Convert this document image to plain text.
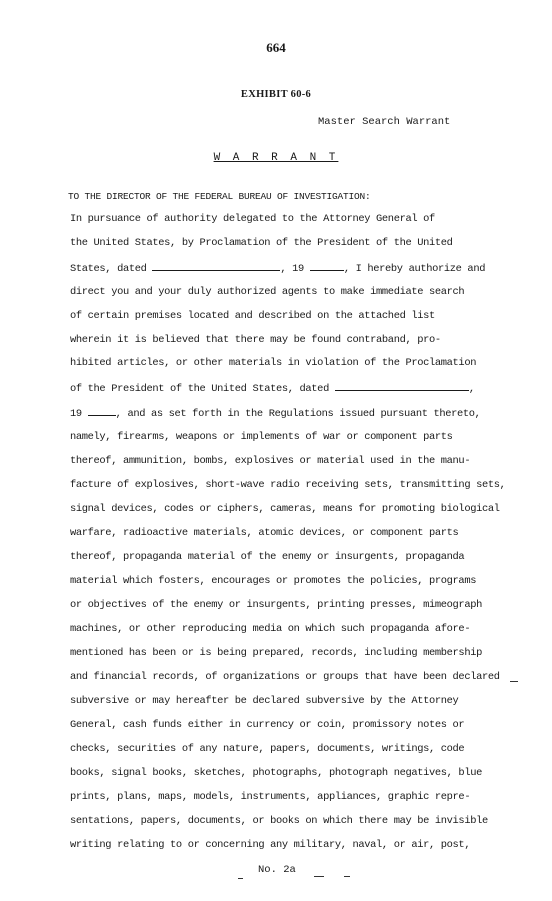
664
EXHIBIT 60-6
Master Search Warrant
W A R R A N T
TO THE DIRECTOR OF THE FEDERAL BUREAU OF INVESTIGATION:
In pursuance of authority delegated to the Attorney General of
the United States, by Proclamation of the President of the United
States, dated	, 19	, I hereby authorize and
direct you and your duly authorized agents to make immediate search
of certain premises located and described on the attached list
wherein it is believed that there may be found contraband, pro-
hibited articles, or other materials in violation of the Proclamation
of the President of the United States, dated	,
19	, and as set forth in the Regulations issued pursuant thereto,
namely, firearms, weapons or implements of war or component parts
thereof, ammunition, bombs, explosives or material used in the manu-
facture of explosives, short-wave radio receiving sets, transmitting sets,
signal devices, codes or ciphers, cameras, means for promoting biological
warfare, radioactive materials, atomic devices, or component parts
thereof, propaganda material of the enemy or insurgents, propaganda
material which fosters, encourages or promotes the policies, programs
or objectives of the enemy or insurgents, printing presses, mimeograph
machines, or other reproducing media on which such propaganda afore-
mentioned has been or is being prepared, records, including membership
and financial records, of organizations or groups that have been declared
subversive or may hereafter be declared subversive by the Attorney
General, cash funds either in currency or coin, promissory notes or
checks, securities of any nature, papers, documents, writings, code
books, signal books, sketches, photographs, photograph negatives, blue
prints, plans, maps, models, instruments, appliances, graphic repre-
sentations, papers, documents, or books on which there may be invisible
writing relating to or concerning any military, naval, or air, post,
No. 2a
